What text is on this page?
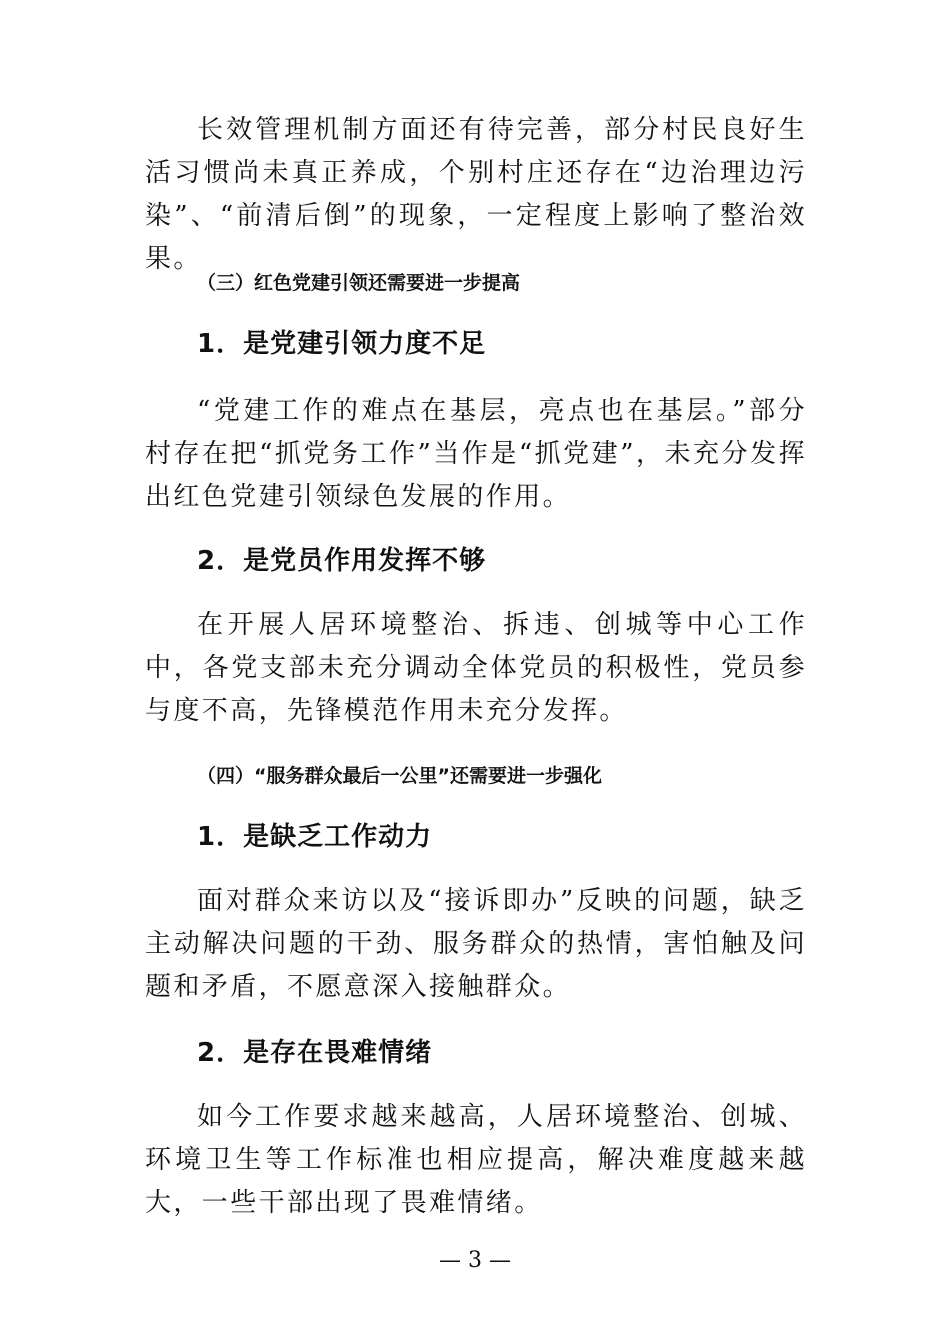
长效管理机制方面还有待完善，部分村民良好生活习惯尚未真正养成，个别村庄还存在“边治理边污染”、“前清后倒”的现象，一定程度上影响了整治效果。

（三）红色党建引领还需要进一步提高
1．是党建引领力度不足

“党建工作的难点在基层，亮点也在基层。”部分村存在把“抓党务工作”当作是“抓党建”，未充分发挥出红色党建引领绿色发展的作用。

2．是党员作用发挥不够

在开展人居环境整治、拆违、创城等中心工作中，各党支部未充分调动全体党员的积极性，党员参与度不高，先锋模范作用未充分发挥。

（四）“服务群众最后一公里”还需要进一步强化
1．是缺乏工作动力

面对群众来访以及“接诉即办”反映的问题，缺乏主动解决问题的干劲、服务群众的热情，害怕触及问题和矛盾，不愿意深入接触群众。

2．是存在畏难情绪

如今工作要求越来越高，人居环境整治、创城、环境卫生等工作标准也相应提高，解决难度越来越大，一些干部出现了畏难情绪。

— 3 —
